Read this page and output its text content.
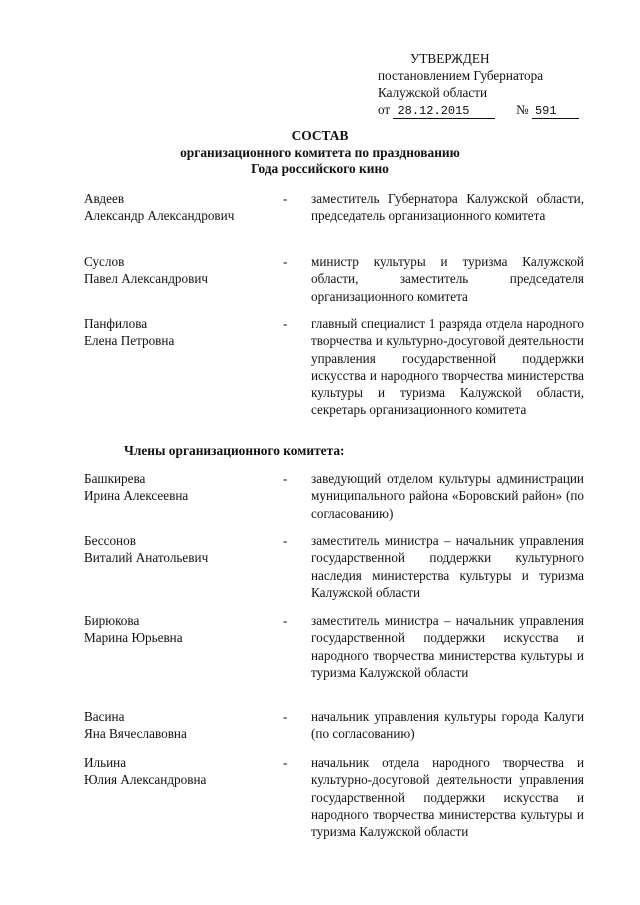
УТВЕРЖДЕН
постановлением Губернатора
Калужской области
от 28.12.2015	№ 591
СОСТАВ
организационного комитета по празднованию
Года российского кино
Авдеев
Александр Александрович
- заместитель Губернатора Калужской области, председатель организационного комитета
Суслов
Павел Александрович
- министр культуры и туризма Калужской области, заместитель председателя организационного комитета
Панфилова
Елена Петровна
- главный специалист 1 разряда отдела народного творчества и культурно-досуговой деятельности управления государственной поддержки искусства и народного творчества министерства культуры и туризма Калужской области, секретарь организационного комитета
Члены организационного комитета:
Башкирева
Ирина Алексеевна
- заведующий отделом культуры администрации муниципального района «Боровский район» (по согласованию)
Бессонов
Виталий Анатольевич
- заместитель министра – начальник управления государственной поддержки культурного наследия министерства культуры и туризма Калужской области
Бирюкова
Марина Юрьевна
- заместитель министра – начальник управления государственной поддержки искусства и народного творчества министерства культуры и туризма Калужской области
Васина
Яна Вячеславовна
- начальник управления культуры города Калуги (по согласованию)
Ильина
Юлия Александровна
- начальник отдела народного творчества и культурно-досуговой деятельности управления государственной поддержки искусства и народного творчества министерства культуры и туризма Калужской области
